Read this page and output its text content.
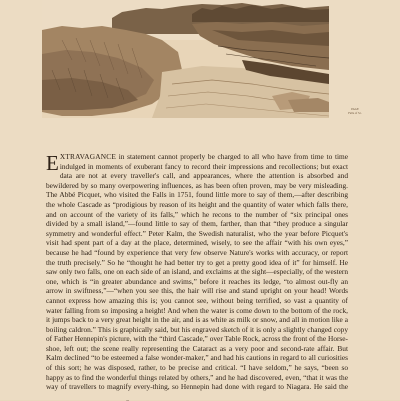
PAGE
Falls of Sc.

EXTRAVAGANCE in statement cannot properly be charged to all who have from time to time indulged in moments of exuberant fancy to record their impressions and recollections; but exact data are not at every traveller's call, and appearances, where the attention is absorbed and bewildered by so many overpowering influences, as has been often proven, may be very misleading. The Abbé Picquet, who visited the Falls in 1751, found little more to say of them,—after describing the whole Cascade as “prodigious by reason of its height and the quantity of water which falls there, and on account of the variety of its falls,” which he recons to the number of “six principal ones divided by a small island,”—found little to say of them, farther, than that “they produce a singular symmetry and wonderful effect.” Peter Kalm, the Swedish naturalist, who the year before Picquet's visit had spent part of a day at the place, determined, wisely, to see the affair “with his own eyes,” because he had “found by experience that very few observe Nature's works with accuracy, or report the truth precisely.” So he “thought he had better try to get a pretty good idea of it” for himself. He saw only two falls, one on each side of an island, and exclaims at the sight—especially, of the western one, which is “in greater abundance and swims,” before it reaches its ledge, “to almost out-fly an arrow in swiftness,”—“when you see this, the hair will rise and stand upright on your head! Words cannot express how amazing this is; you cannot see, without being terrified, so vast a quantity of water falling from so imposing a height! And when the water is come down to the bottom of the rock, it jumps back to a very great height in the air, and is as white as milk or snow, and all in motion like a boiling caldron.” This is graphically said, but his engraved sketch of it is only a slightly changed copy of Father Hennepin's picture, with the “third Cascade,” over Table Rock, across the front of the Horse-shoe, left out; the scene really representing the Cataract as a very poor and second-rate affair. But Kalm declined “to be esteemed a false wonder-maker,” and had his cautions in regard to all curiosities of this sort; he was disposed, rather, to be precise and critical. “I have seldom,” he says, “been so happy as to find the wonderful things related by others,” and he had discovered, even, “that it was the way of travellers to magnify every-thing, so Hennepin had done with regard to Niagara. He said the
